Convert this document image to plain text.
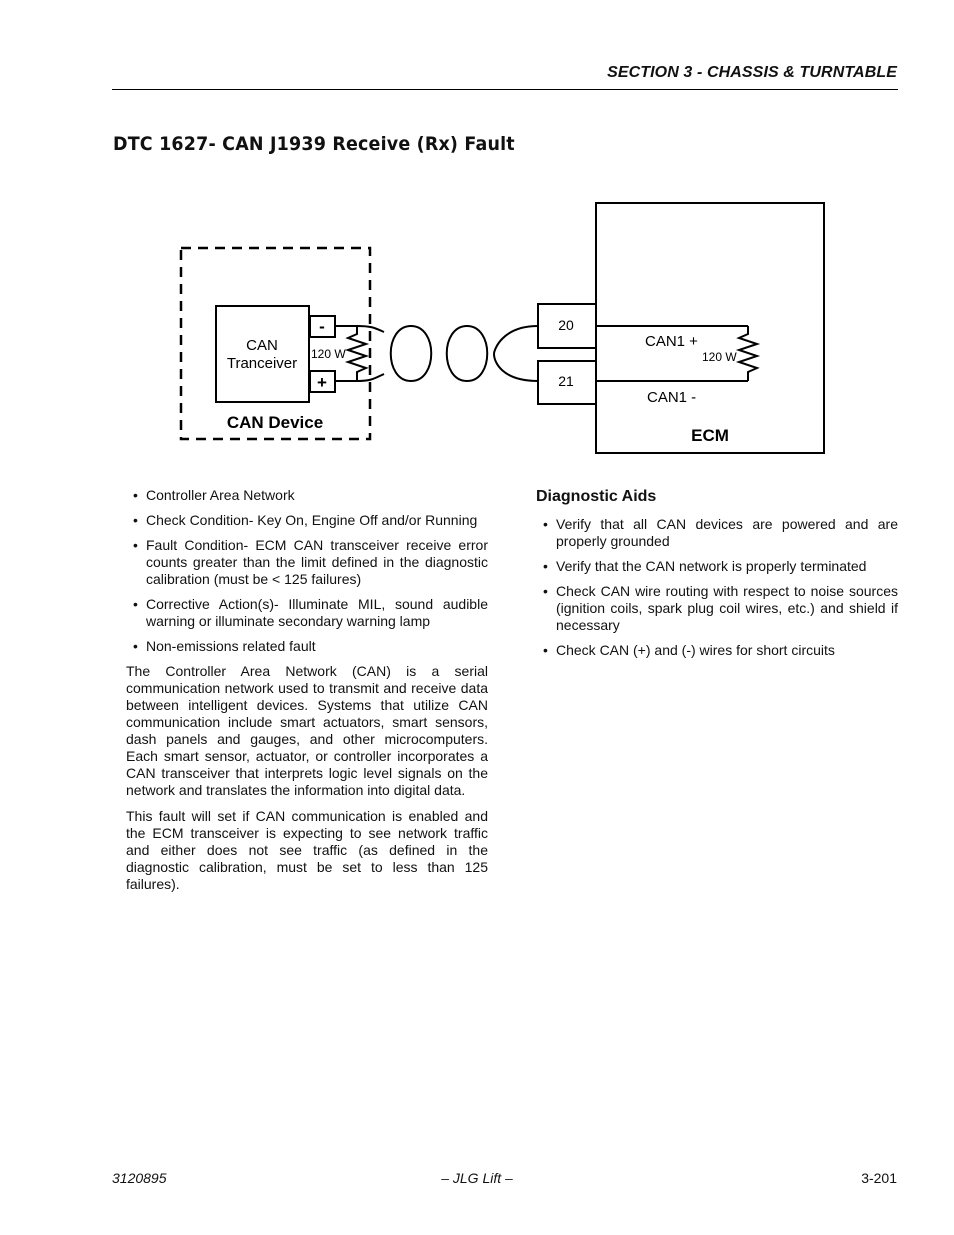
SECTION 3 - CHASSIS & TURNTABLE
DTC 1627- CAN J1939 Receive (Rx) Fault
CAN
Tranceiver
-
+
120 W
CAN Device
20
21
120 W
CAN1 +
CAN1 -
ECM
• Controller Area Network
• Check Condition- Key On, Engine Off and/or Running
• Fault Condition- ECM CAN transceiver receive error counts greater than the limit defined in the diagnostic calibration (must be < 125 failures)
• Corrective Action(s)- Illuminate MIL, sound audible warning or illuminate secondary warning lamp
• Non-emissions related fault

The Controller Area Network (CAN) is a serial communication network used to transmit and receive data between intelligent devices. Systems that utilize CAN communication include smart actuators, smart sensors, dash panels and gauges, and other microcomputers. Each smart sensor, actuator, or controller incorporates a CAN transceiver that interprets logic level signals on the network and translates the information into digital data.

This fault will set if CAN communication is enabled and the ECM transceiver is expecting to see network traffic and either does not see traffic (as defined in the diagnostic calibration, must be set to less than 125 failures).

Diagnostic Aids
• Verify that all CAN devices are powered and are properly grounded
• Verify that the CAN network is properly terminated
• Check CAN wire routing with respect to noise sources (ignition coils, spark plug coil wires, etc.) and shield if necessary
• Check CAN (+) and (-) wires for short circuits
3120895	– JLG Lift –	3-201
